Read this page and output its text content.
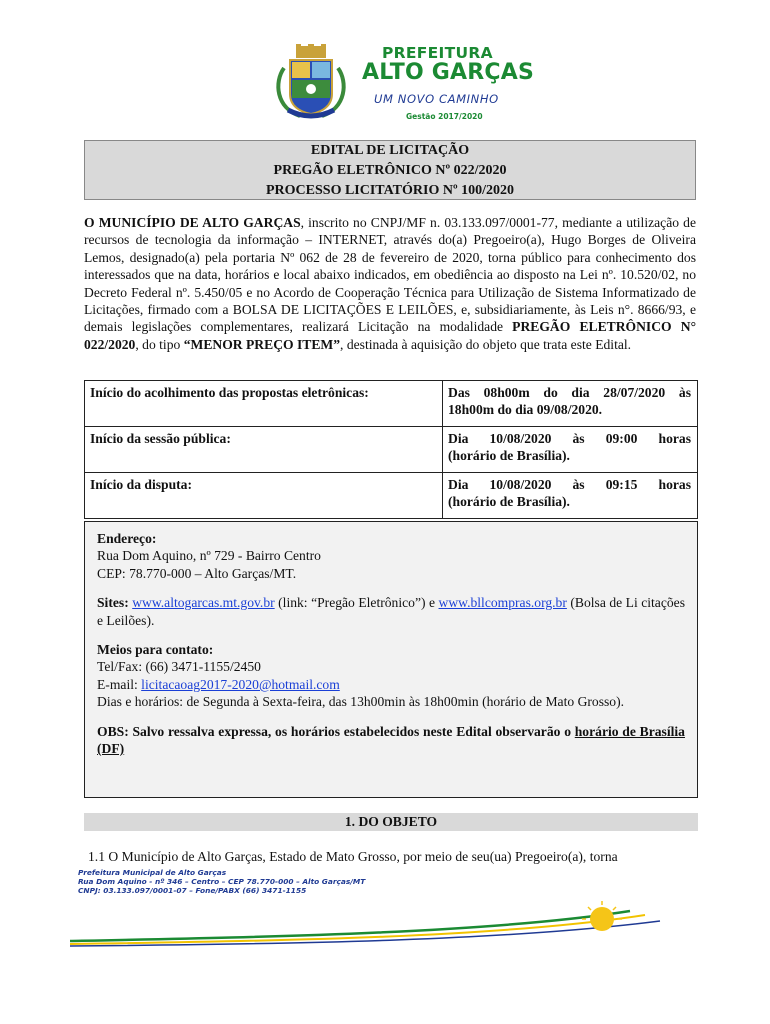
PREFEITURA
ALTO GARÇAS
UM NOVO CAMINHO
Gestão 2017/2020
EDITAL DE LICITAÇÃO
PREGÃO ELETRÔNICO Nº 022/2020
PROCESSO LICITATÓRIO Nº 100/2020
O MUNICÍPIO DE ALTO GARÇAS, inscrito no CNPJ/MF n. 03.133.097/0001-77, mediante a utilização de recursos de tecnologia da informação – INTERNET, através do(a) Pregoeiro(a), Hugo Borges de Oliveira Lemos, designado(a) pela portaria Nº 062 de 28 de fevereiro de 2020, torna público para conhecimento dos interessados que na data, horários e local abaixo indicados, em obediência ao disposto na Lei nº. 10.520/02, no Decreto Federal nº. 5.450/05 e no Acordo de Cooperação Técnica para Utilização de Sistema Informatizado de Licitações, firmado com a BOLSA DE LICITAÇÕES E LEILÕES, e, subsidiariamente, às Leis n°. 8666/93, e demais legislações complementares, realizará Licitação na modalidade PREGÃO ELETRÔNICO N° 022/2020, do tipo “MENOR PREÇO ITEM”, destinada à aquisição do objeto que trata este Edital.
Início do acolhimento das propostas eletrônicas:	Das 08h00m do dia 28/07/2020 às
18h00m do dia 09/08/2020.

Início da sessão pública:	Dia 10/08/2020 às 09:00 horas
(horário de Brasília).

Início da disputa:	Dia 10/08/2020 às 09:15 horas
(horário de Brasília).

Endereço:

Rua Dom Aquino, nº 729 - Bairro Centro

CEP: 78.770-000 – Alto Garças/MT.

Sites: www.altogarcas.mt.gov.br (link: “Pregão Eletrônico”) e www.bllcompras.org.br (Bolsa de Li citações e Leilões).

Meios para contato:

Tel/Fax: (66) 3471-1155/2450

E-mail: licitacaoag2017-2020@hotmail.com

Dias e horários: de Segunda à Sexta-feira, das 13h00min às 18h00min (horário de Mato Grosso).

OBS: Salvo ressalva expressa, os horários estabelecidos neste Edital observarão o horário de Brasília (DF)

1. DO OBJETO
1.1 O Município de Alto Garças, Estado de Mato Grosso, por meio de seu(ua) Pregoeiro(a), torna
Prefeitura Municipal de Alto Garças
Rua Dom Aquino - nº 346 – Centro – CEP 78.770-000 – Alto Garças/MT
CNPJ: 03.133.097/0001-07 – Fone/PABX (66) 3471-1155
